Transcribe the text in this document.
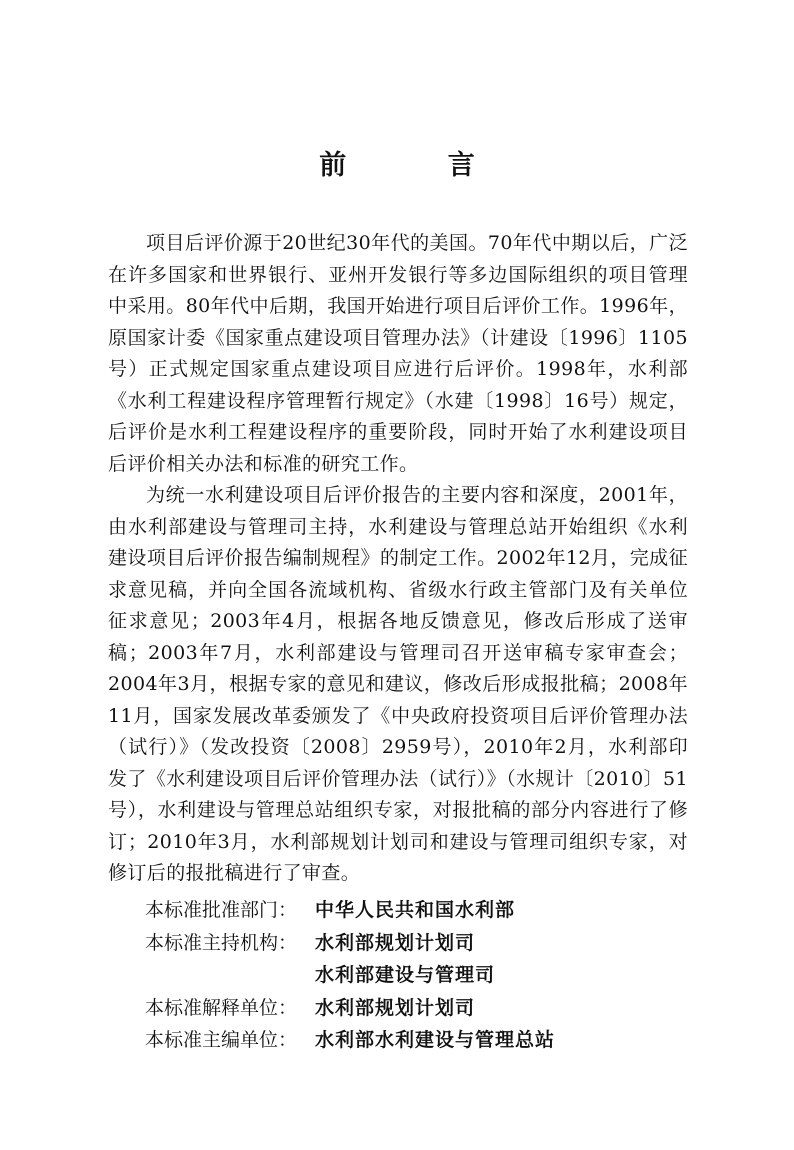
前 言

项目后评价源于20世纪30年代的美国。70年代中期以后，广泛在许多国家和世界银行、亚州开发银行等多边国际组织的项目管理中采用。80年代中后期，我国开始进行项目后评价工作。1996年，原国家计委《国家重点建设项目管理办法》（计建设〔1996〕1105号）正式规定国家重点建设项目应进行后评价。1998年，水利部《水利工程建设程序管理暂行规定》（水建〔1998〕16号）规定，后评价是水利工程建设程序的重要阶段，同时开始了水利建设项目后评价相关办法和标准的研究工作。

为统一水利建设项目后评价报告的主要内容和深度，2001年，由水利部建设与管理司主持，水利建设与管理总站开始组织《水利建设项目后评价报告编制规程》的制定工作。2002年12月，完成征求意见稿，并向全国各流域机构、省级水行政主管部门及有关单位征求意见；2003年4月，根据各地反馈意见，修改后形成了送审稿；2003年7月，水利部建设与管理司召开送审稿专家审查会；2004年3月，根据专家的意见和建议，修改后形成报批稿；2008年11月，国家发展改革委颁发了《中央政府投资项目后评价管理办法（试行）》（发改投资〔2008〕2959号），2010年2月，水利部印发了《水利建设项目后评价管理办法（试行）》（水规计〔2010〕51号），水利建设与管理总站组织专家，对报批稿的部分内容进行了修订；2010年3月，水利部规划计划司和建设与管理司组织专家，对修订后的报批稿进行了审查。

本标准批准部门： 中华人民共和国水利部
本标准主持机构： 水利部规划计划司
水利部建设与管理司
本标准解释单位： 水利部规划计划司
本标准主编单位： 水利部水利建设与管理总站
